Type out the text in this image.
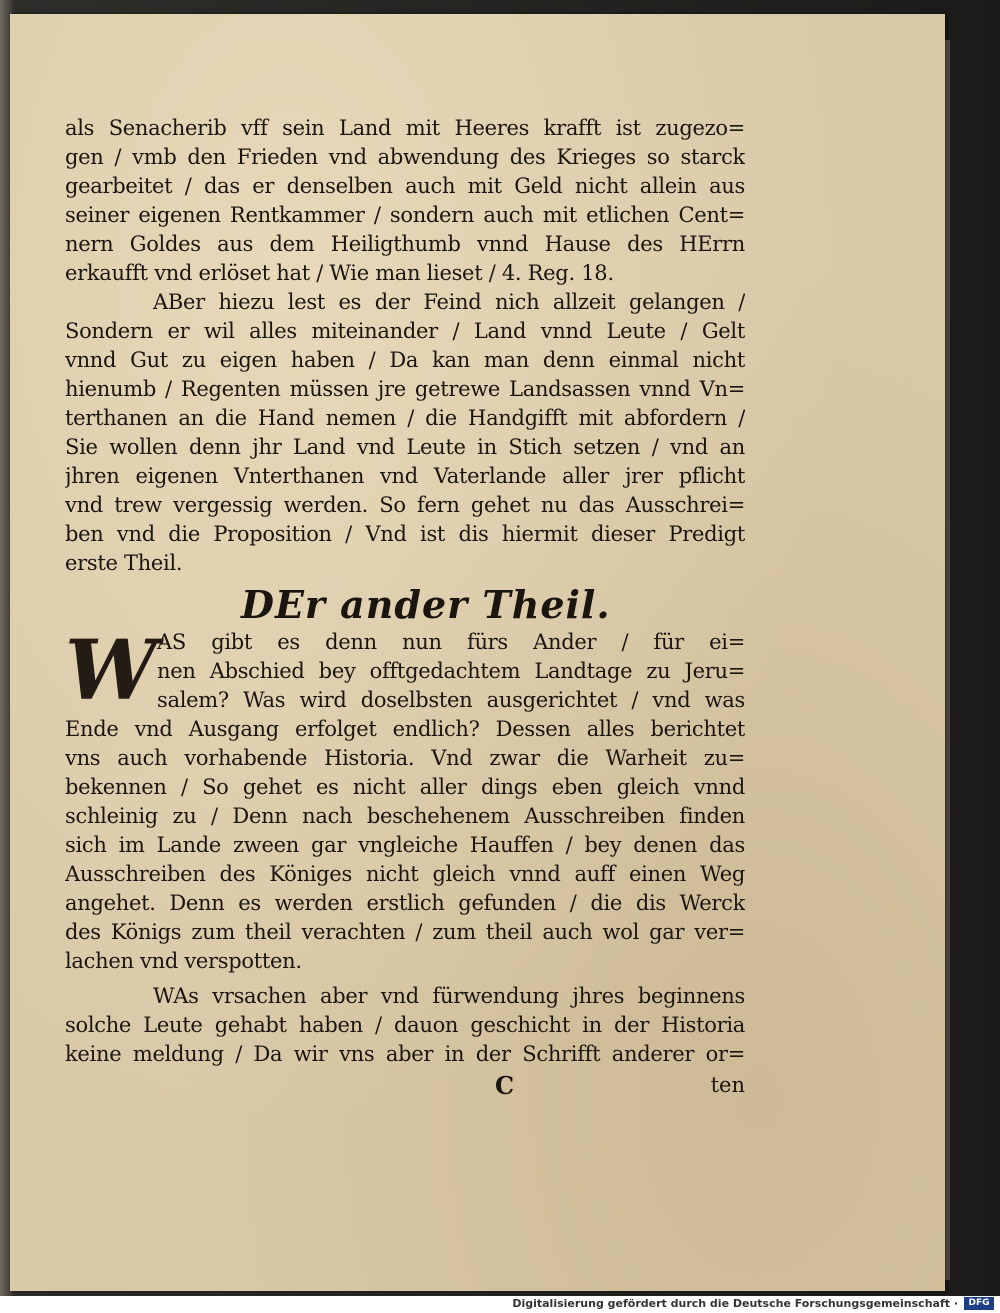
als Senacherib vff sein Land mit Heeres krafft ist zugezo=
gen / vmb den Frieden vnd abwendung des Krieges so starck
gearbeitet / das er denselben auch mit Geld nicht allein aus
seiner eigenen Rentkammer / sondern auch mit etlichen Cent=
nern Goldes aus dem Heiligthumb vnnd Hause des HErrn
erkaufft vnd erlöset hat / Wie man lieset / 4. Reg. 18.
ABer hiezu lest es der Feind nich allzeit gelangen /
Sondern er wil alles miteinander / Land vnnd Leute / Gelt
vnnd Gut zu eigen haben / Da kan man denn einmal nicht
hienumb / Regenten müssen jre getrewe Landsassen vnnd Vn=
terthanen an die Hand nemen / die Handgifft mit abfordern /
Sie wollen denn jhr Land vnd Leute in Stich setzen / vnd an
jhren eigenen Vnterthanen vnd Vaterlande aller jrer pflicht
vnd trew vergessig werden. So fern gehet nu das Ausschrei=
ben vnd die Proposition / Vnd ist dis hiermit dieser Predigt
erste Theil.
DEr ander Theil.
W AS gibt es denn nun fürs Ander / für ei=
nen Abschied bey offtgedachtem Landtage zu Jeru=
salem? Was wird doselbsten ausgerichtet / vnd was
Ende vnd Ausgang erfolget endlich? Dessen alles berichtet
vns auch vorhabende Historia. Vnd zwar die Warheit zu=
bekennen / So gehet es nicht aller dings eben gleich vnnd
schleinig zu / Denn nach beschehenem Ausschreiben finden
sich im Lande zween gar vngleiche Hauffen / bey denen das
Ausschreiben des Königes nicht gleich vnnd auff einen Weg
angehet. Denn es werden erstlich gefunden / die dis Werck
des Königs zum theil verachten / zum theil auch wol gar ver=
lachen vnd verspotten.
WAs vrsachen aber vnd fürwendung jhres beginnens
solche Leute gehabt haben / dauon geschicht in der Historia
keine meldung / Da wir vns aber in der Schrifft anderer or=
C	ten
Digitalisierung gefördert durch die Deutsche Forschungsgemeinschaft ·	DFG
